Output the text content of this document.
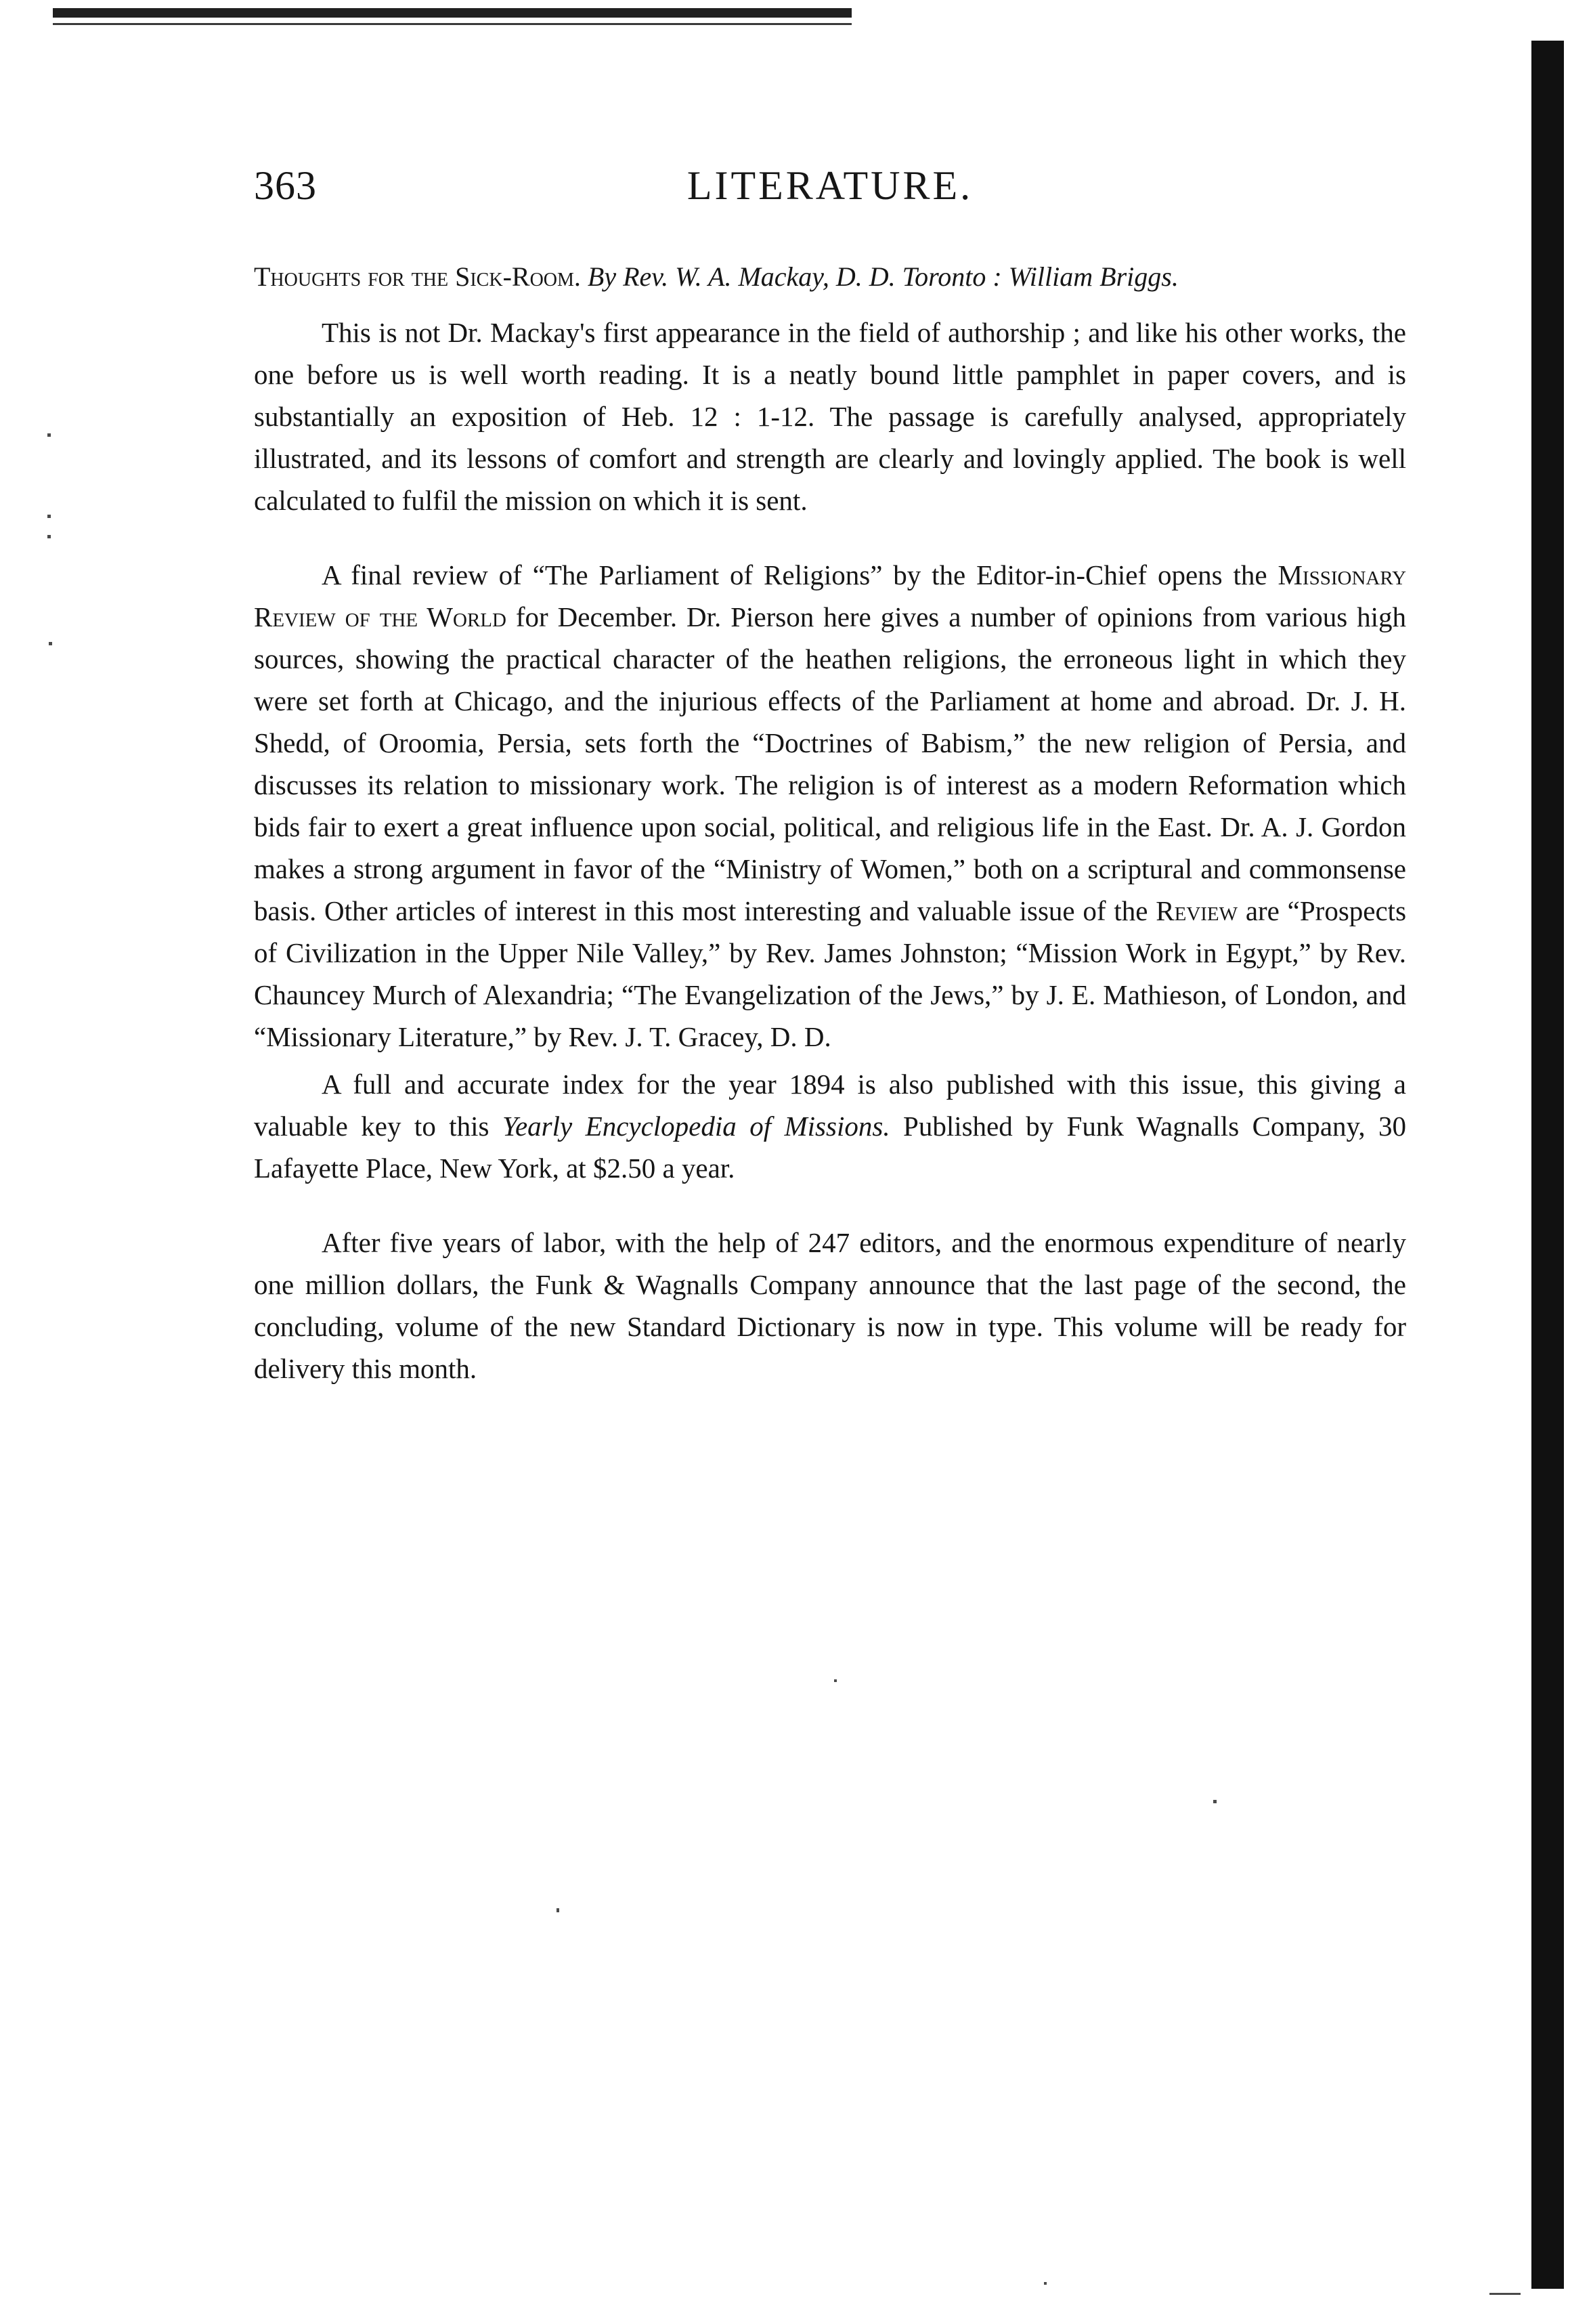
363	LITERATURE.

Thoughts for the Sick-Room. By Rev. W. A. Mackay, D. D. Toronto : William Briggs.

This is not Dr. Mackay's first appearance in the field of authorship ; and like his other works, the one before us is well worth reading. It is a neatly bound little pamphlet in paper covers, and is substantially an exposition of Heb. 12 : 1-12. The passage is carefully analysed, appropriately illustrated, and its lessons of comfort and strength are clearly and lovingly applied. The book is well calculated to fulfil the mission on which it is sent.

A final review of “The Parliament of Religions” by the Editor-in-Chief opens the Missionary Review of the World for December. Dr. Pierson here gives a number of opinions from various high sources, showing the practical character of the heathen religions, the erroneous light in which they were set forth at Chicago, and the injurious effects of the Parliament at home and abroad. Dr. J. H. Shedd, of Oroomia, Persia, sets forth the “Doctrines of Babism,” the new religion of Persia, and discusses its relation to missionary work. The religion is of interest as a modern Reformation which bids fair to exert a great influence upon social, political, and religious life in the East. Dr. A. J. Gordon makes a strong argument in favor of the “Ministry of Women,” both on a scriptural and commonsense basis. Other articles of interest in this most interesting and valuable issue of the Review are “Prospects of Civilization in the Upper Nile Valley,” by Rev. James Johnston; “Mission Work in Egypt,” by Rev. Chauncey Murch of Alexandria; “The Evangelization of the Jews,” by J. E. Mathieson, of London, and “Missionary Literature,” by Rev. J. T. Gracey, D. D.

A full and accurate index for the year 1894 is also published with this issue, this giving a valuable key to this Yearly Encyclopedia of Missions. Published by Funk Wagnalls Company, 30 Lafayette Place, New York, at $2.50 a year.

After five years of labor, with the help of 247 editors, and the enormous expenditure of nearly one million dollars, the Funk & Wagnalls Company announce that the last page of the second, the concluding, volume of the new Standard Dictionary is now in type. This volume will be ready for delivery this month.
